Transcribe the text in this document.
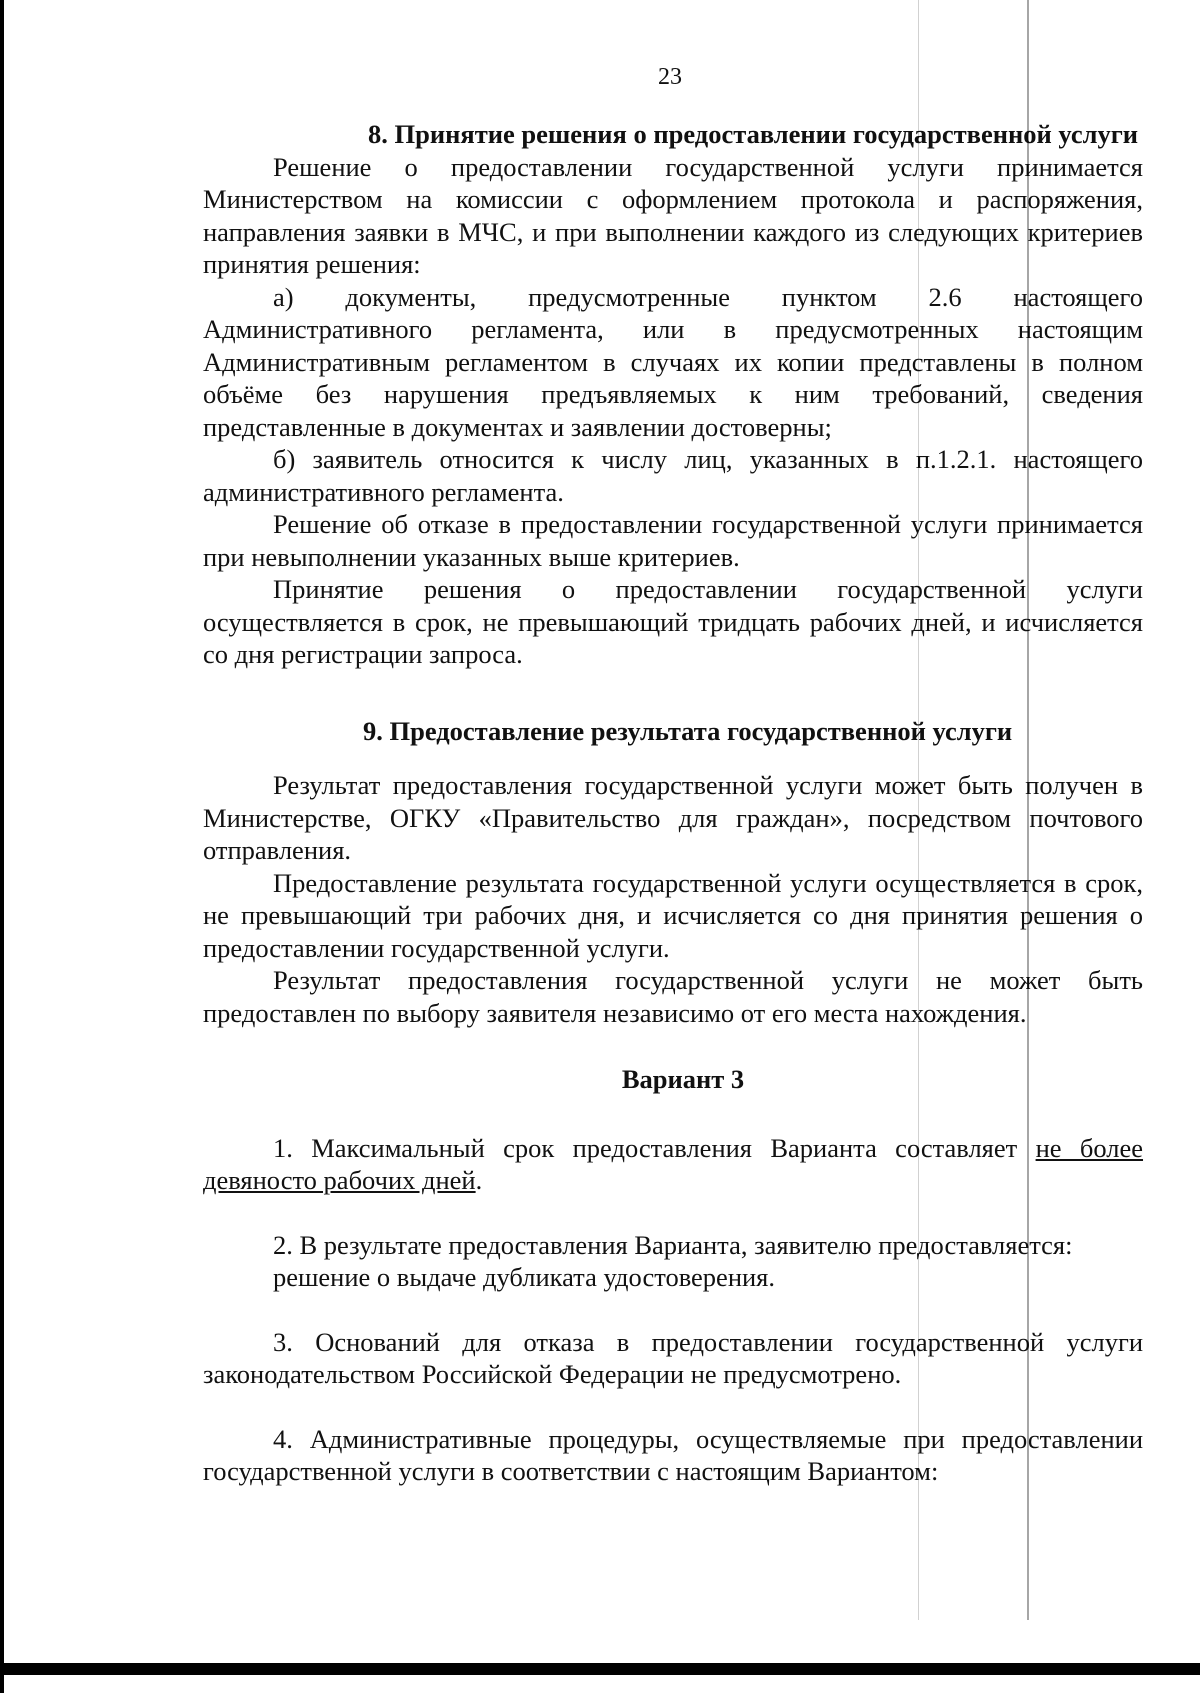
23
8. Принятие решения о предоставлении государственной услуги

Решение о предоставлении государственной услуги принимается Министерством на комиссии с оформлением протокола и распоряжения, направления заявки в МЧС, и при выполнении каждого из следующих критериев принятия решения:

а) документы, предусмотренные пунктом 2.6 настоящего Административного регламента, или в предусмотренных настоящим Административным регламентом в случаях их копии представлены в полном объёме без нарушения предъявляемых к ним требований, сведения представленные в документах и заявлении достоверны;

б) заявитель относится к числу лиц, указанных в п.1.2.1. настоящего административного регламента.

Решение об отказе в предоставлении государственной услуги принимается при невыполнении указанных выше критериев.

Принятие решения о предоставлении государственной услуги осуществляется в срок, не превышающий тридцать рабочих дней, и исчисляется со дня регистрации запроса.

9. Предоставление результата государственной услуги

Результат предоставления государственной услуги может быть получен в Министерстве, ОГКУ «Правительство для граждан», посредством почтового отправления.

Предоставление результата государственной услуги осуществляется в срок, не превышающий три рабочих дня, и исчисляется со дня принятия решения о предоставлении государственной услуги.

Результат предоставления государственной услуги не может быть предоставлен по выбору заявителя независимо от его места нахождения.

Вариант 3

1. Максимальный срок предоставления Варианта составляет не более девяносто рабочих дней.

2. В результате предоставления Варианта, заявителю предоставляется:
решение о выдаче дубликата удостоверения.

3. Оснований для отказа в предоставлении государственной услуги законодательством Российской Федерации не предусмотрено.

4. Административные процедуры, осуществляемые при предоставлении государственной услуги в соответствии с настоящим Вариантом:
